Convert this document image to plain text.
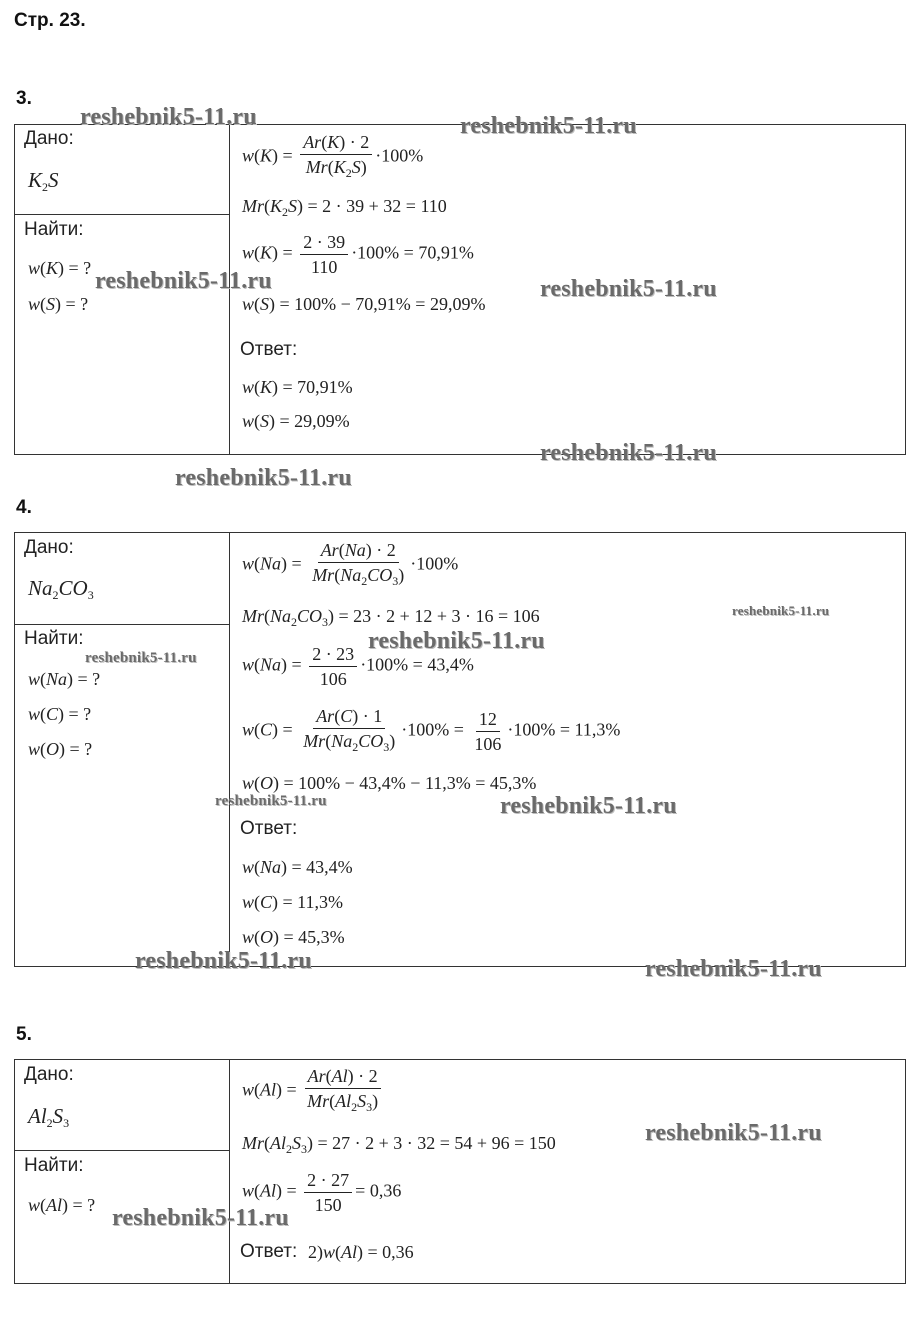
Стр. 23.
3.
Дано:
$K_2S$
Найти:
w(K) = ?
w(S) = ?
$w(K) = \frac{Ar(K) \cdot 2}{Mr(K_2S)} \cdot 100\%$
$Mr(K_2S) = 2 \cdot 39 + 32 = 110$
$w(K) = \frac{2 \cdot 39}{110} \cdot 100\% = 70,91\%$
w(S) = 100% − 70,91% = 29,09%
Ответ:
w(K) = 70,91%
w(S) = 29,09%
4.
Дано:
$Na_2CO_3$
Найти:
w(Na) = ?
w(C) = ?
w(O) = ?
$w(Na) = \frac{Ar(Na) \cdot 2}{Mr(Na_2CO_3)} \cdot 100\%$
$Mr(Na_2CO_3) = 23 \cdot 2 + 12 + 3 \cdot 16 = 106$
$w(Na) = \frac{2 \cdot 23}{106} \cdot 100\% = 43,4\%$
$w(C) = \frac{Ar(C) \cdot 1}{Mr(Na_2CO_3)} \cdot 100\% = \frac{12}{106} \cdot 100\% = 11,3\%$
w(O) = 100% − 43,4% − 11,3% = 45,3%
Ответ:
w(Na) = 43,4%
w(C) = 11,3%
w(O) = 45,3%
5.
Дано:
$Al_2S_3$
Найти:
w(Al) = ?
$w(Al) = \frac{Ar(Al) \cdot 2}{Mr(Al_2S_3)}$
$Mr(Al_2S_3) = 27 \cdot 2 + 3 \cdot 32 = 54 + 96 = 150$
$w(Al) = \frac{2 \cdot 27}{150} = 0,36$
Ответ: 2)w(Al) = 0,36
reshebnik5-11.ru	reshebnik5-11.ru
reshebnik5-11.ru	reshebnik5-11.ru
reshebnik5-11.ru
reshebnik5-11.ru
reshebnik5-11.ru
reshebnik5-11.ru
reshebnik5-11.ru
reshebnik5-11.ru	reshebnik5-11.ru
reshebnik5-11.ru	reshebnik5-11.ru
reshebnik5-11.ru
reshebnik5-11.ru
